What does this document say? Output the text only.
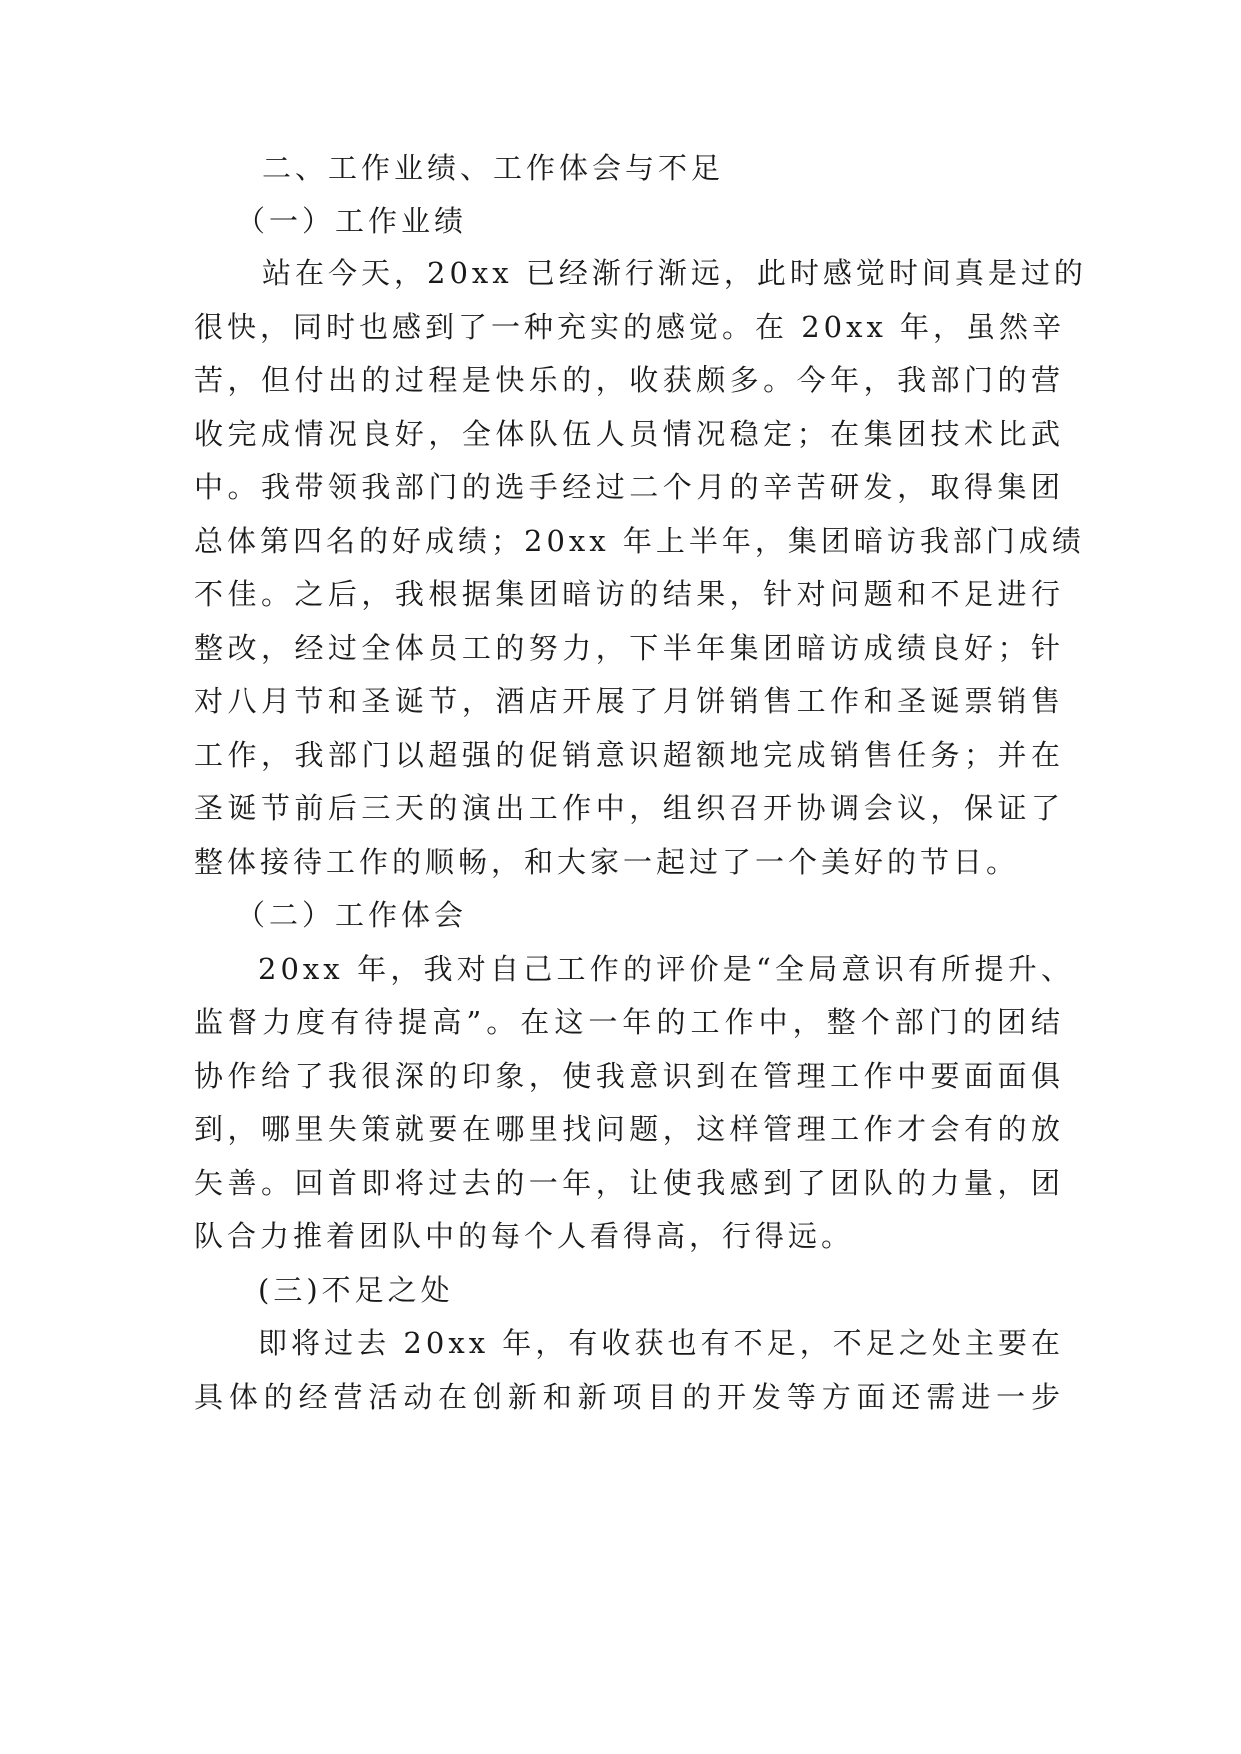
二、工作业绩、工作体会与不足
（一）工作业绩
站在今天，20xx 已经渐行渐远，此时感觉时间真是过的
很快，同时也感到了一种充实的感觉。在 20xx 年，虽然辛
苦，但付出的过程是快乐的，收获颇多。今年，我部门的营
收完成情况良好，全体队伍人员情况稳定；在集团技术比武
中。我带领我部门的选手经过二个月的辛苦研发，取得集团
总体第四名的好成绩；20xx 年上半年，集团暗访我部门成绩
不佳。之后，我根据集团暗访的结果，针对问题和不足进行
整改，经过全体员工的努力，下半年集团暗访成绩良好；针
对八月节和圣诞节，酒店开展了月饼销售工作和圣诞票销售
工作，我部门以超强的促销意识超额地完成销售任务；并在
圣诞节前后三天的演出工作中，组织召开协调会议，保证了
整体接待工作的顺畅，和大家一起过了一个美好的节日。
（二）工作体会
20xx 年，我对自己工作的评价是“全局意识有所提升、
监督力度有待提高”。在这一年的工作中，整个部门的团结
协作给了我很深的印象，使我意识到在管理工作中要面面俱
到，哪里失策就要在哪里找问题，这样管理工作才会有的放
矢善。回首即将过去的一年，让使我感到了团队的力量，团
队合力推着团队中的每个人看得高，行得远。
(三)不足之处
即将过去 20xx 年，有收获也有不足，不足之处主要在
具体的经营活动在创新和新项目的开发等方面还需进一步
